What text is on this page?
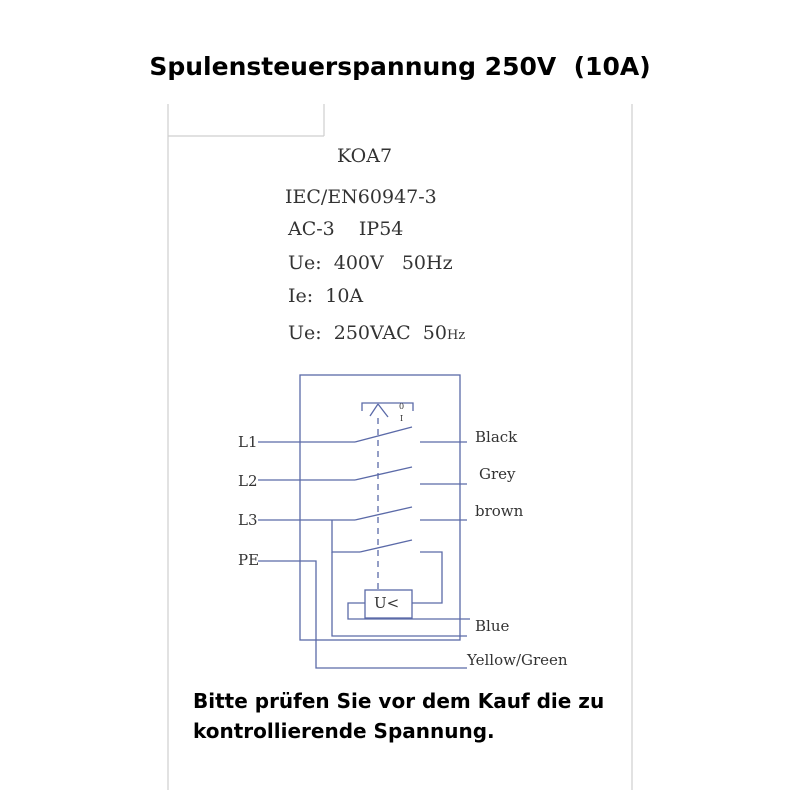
Spulensteuerspannung 250V  (10A)
KOA7
IEC/EN60947-3
AC-3    IP54
Ue:  400V   50Hz
Ie:  10A
Ue:  250VAC  50Hz
0
I
L1
L2
L3
PE
Black
Grey
brown
Blue
Yellow/Green
U<
Bitte prüfen Sie vor dem Kauf die zu
kontrollierende Spannung.
